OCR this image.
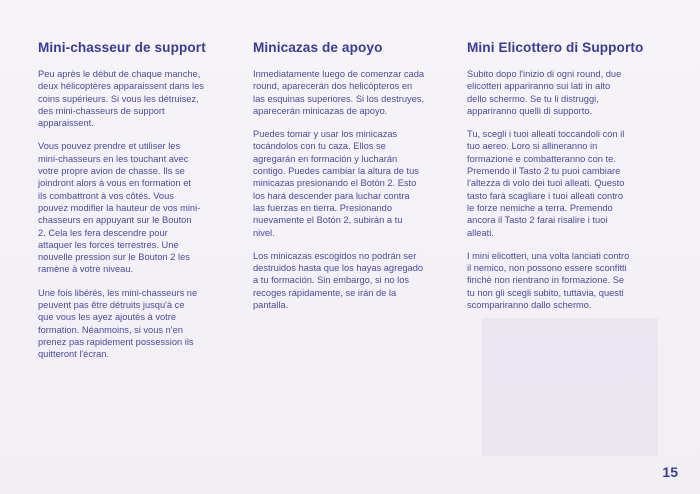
Mini-chasseur de support

Peu après le début de chaque manche,
deux hélicoptères apparaissent dans les
coins supérieurs. Si vous les détruisez,
des mini-chasseurs de support
apparaissent.

Vous pouvez prendre et utiliser les
mini-chasseurs en les touchant avec
votre propre avion de chasse. Ils se
joindront alors à vous en formation et
ils combattront à vos côtés. Vous
pouvez modifier la hauteur de vos mini-
chasseurs en appuyant sur le Bouton
2. Cela les fera descendre pour
attaquer les forces terrestres. Une
nouvelle pression sur le Bouton 2 les
ramène à votre niveau.

Une fois libérés, les mini-chasseurs ne
peuvent pas être détruits jusqu'à ce
que vous les ayez ajoutés à votre
formation. Néanmoins, si vous n'en
prenez pas rapidement possession ils
quitteront l'écran.

Minicazas de apoyo

Inmediatamente luego de comenzar cada
round, aparecerán dos helicópteros en
las esquinas superiores. Si los destruyes,
aparecerán minicazas de apoyo.

Puedes tomar y usar los minicazas
tocándolos con tu caza. Ellos se
agregarán en formación y lucharán
contigo. Puedes cambiar la altura de tus
minicazas presionando el Botón 2. Esto
los hará descender para luchar contra
las fuerzas en tierra. Presionando
nuevamente el Botón 2, subirán a tu
nivel.

Los minicazas escogidos no podrán ser
destruidos hasta que los hayas agregado
a tu formación. Sin embargo, si no los
recoges rápidamente, se irán de la
pantalla.

Mini Elicottero di Supporto

Subito dopo l'inizio di ogni round, due
elicotteri appariranno sui lati in alto
dello schermo. Se tu li distruggi,
appariranno quelli di supporto.

Tu, scegli i tuoi alleati toccandoli con il
tuo aereo. Loro si allineranno in
formazione e combatteranno con te.
Premendo il Tasto 2 tu puoi cambiare
l'altezza di volo dei tuoi alleati. Questo
tasto farà scagliare i tuoi alleati contro
le forze nemiche a terra. Premendo
ancora il Tasto 2 farai risalire i tuoi
alleati.

I mini elicotteri, una volta lanciati contro
il nemico, non possono essere sconfitti
finchè non rientrano in formazione. Se
tu non gli scegli subito, tuttavia, questi
scompariranno dallo schermo.

15
